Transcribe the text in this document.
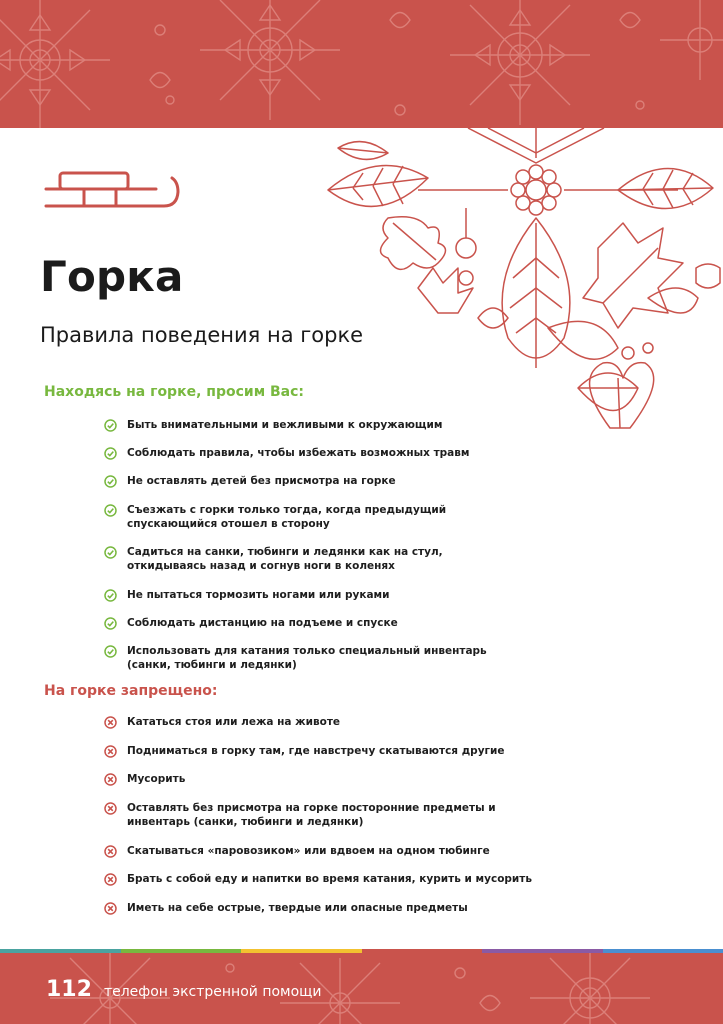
Горка
Правила поведения на горке
Находясь на горке, просим Вас:
Быть внимательными и вежливыми к окружающим
Соблюдать правила, чтобы избежать возможных травм
Не оставлять детей без присмотра на горке
Съезжать с горки только тогда, когда предыдущий
спускающийся отошел в сторону
Садиться на санки, тюбинги и ледянки как на стул,
откидываясь назад и согнув ноги в коленях
Не пытаться тормозить ногами или руками
Соблюдать дистанцию на подъеме и спуске
Использовать для катания только специальный инвентарь
(санки, тюбинги и ледянки)
На горке запрещено:
Кататься стоя или лежа на животе
Подниматься в горку там, где навстречу скатываются другие
Мусорить
Оставлять без присмотра на горке посторонние предметы и
инвентарь (санки, тюбинги и ледянки)
Скатываться «паровозиком» или вдвоем на одном тюбинге
Брать с собой еду и напитки во время катания, курить и мусорить
Иметь на себе острые, твердые или опасные предметы
112 телефон экстренной помощи
